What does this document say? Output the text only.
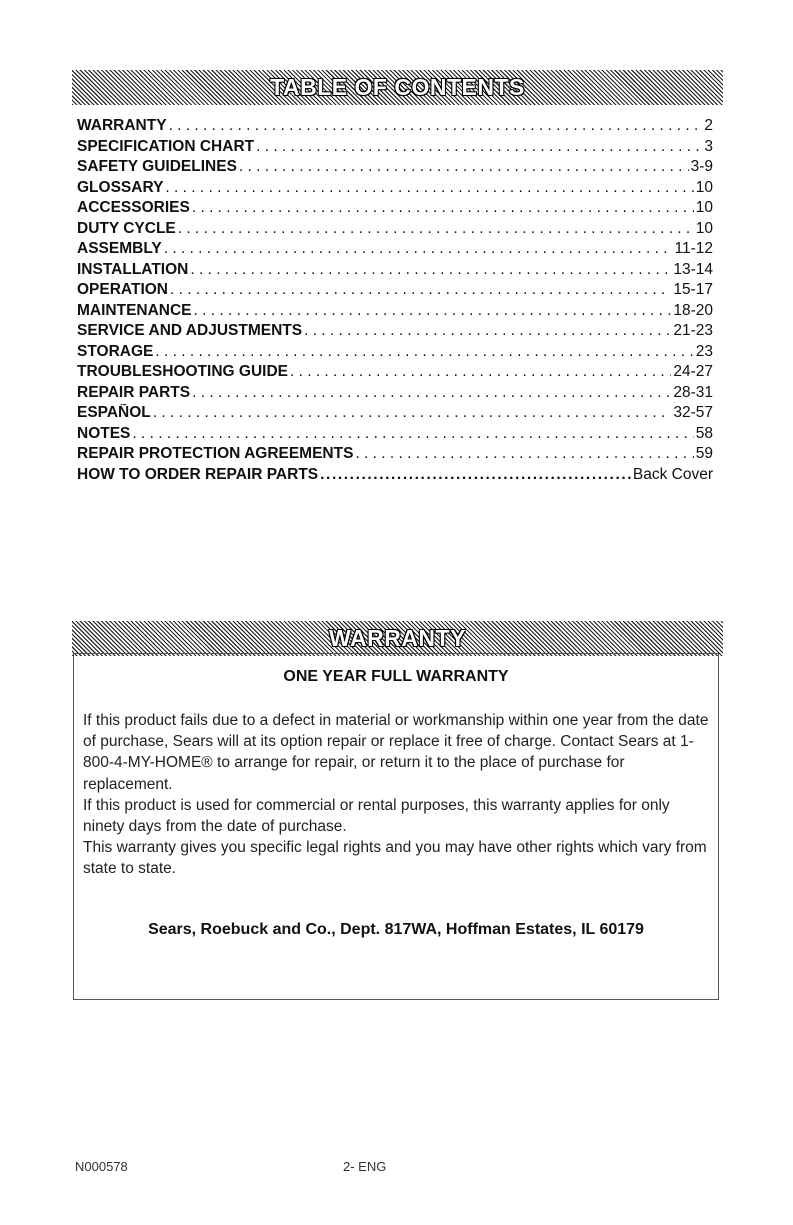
TABLE OF CONTENTS
WARRANTY . . .	2
SPECIFICATION CHART . . .	3
SAFETY GUIDELINES . . .	3-9
GLOSSARY . . .	10
ACCESSORIES . . .	10
DUTY CYCLE . . .	10
ASSEMBLY . . .	11-12
INSTALLATION . . .	13-14
OPERATION . . .	15-17
MAINTENANCE . . .	18-20
SERVICE AND ADJUSTMENTS . . .	21-23
STORAGE . . .	23
TROUBLESHOOTING GUIDE . . .	24-27
REPAIR PARTS . . .	28-31
ESPAÑOL . . .	32-57
NOTES . . .	58
REPAIR PROTECTION AGREEMENTS . . .	59
HOW TO ORDER REPAIR PARTS .....	Back Cover
WARRANTY
ONE YEAR FULL WARRANTY

If this product fails due to a defect in material or workmanship within one year from the date of purchase, Sears will at its option repair or replace it free of charge. Contact Sears at 1-800-4-MY-HOME® to arrange for repair, or return it to the place of purchase for replacement.

If this product is used for commercial or rental purposes, this warranty applies for only ninety days from the date of purchase.

This warranty gives you specific legal rights and you may have other rights which vary from state to state.

Sears, Roebuck and Co., Dept. 817WA, Hoffman Estates, IL 60179
N000578	2- ENG
